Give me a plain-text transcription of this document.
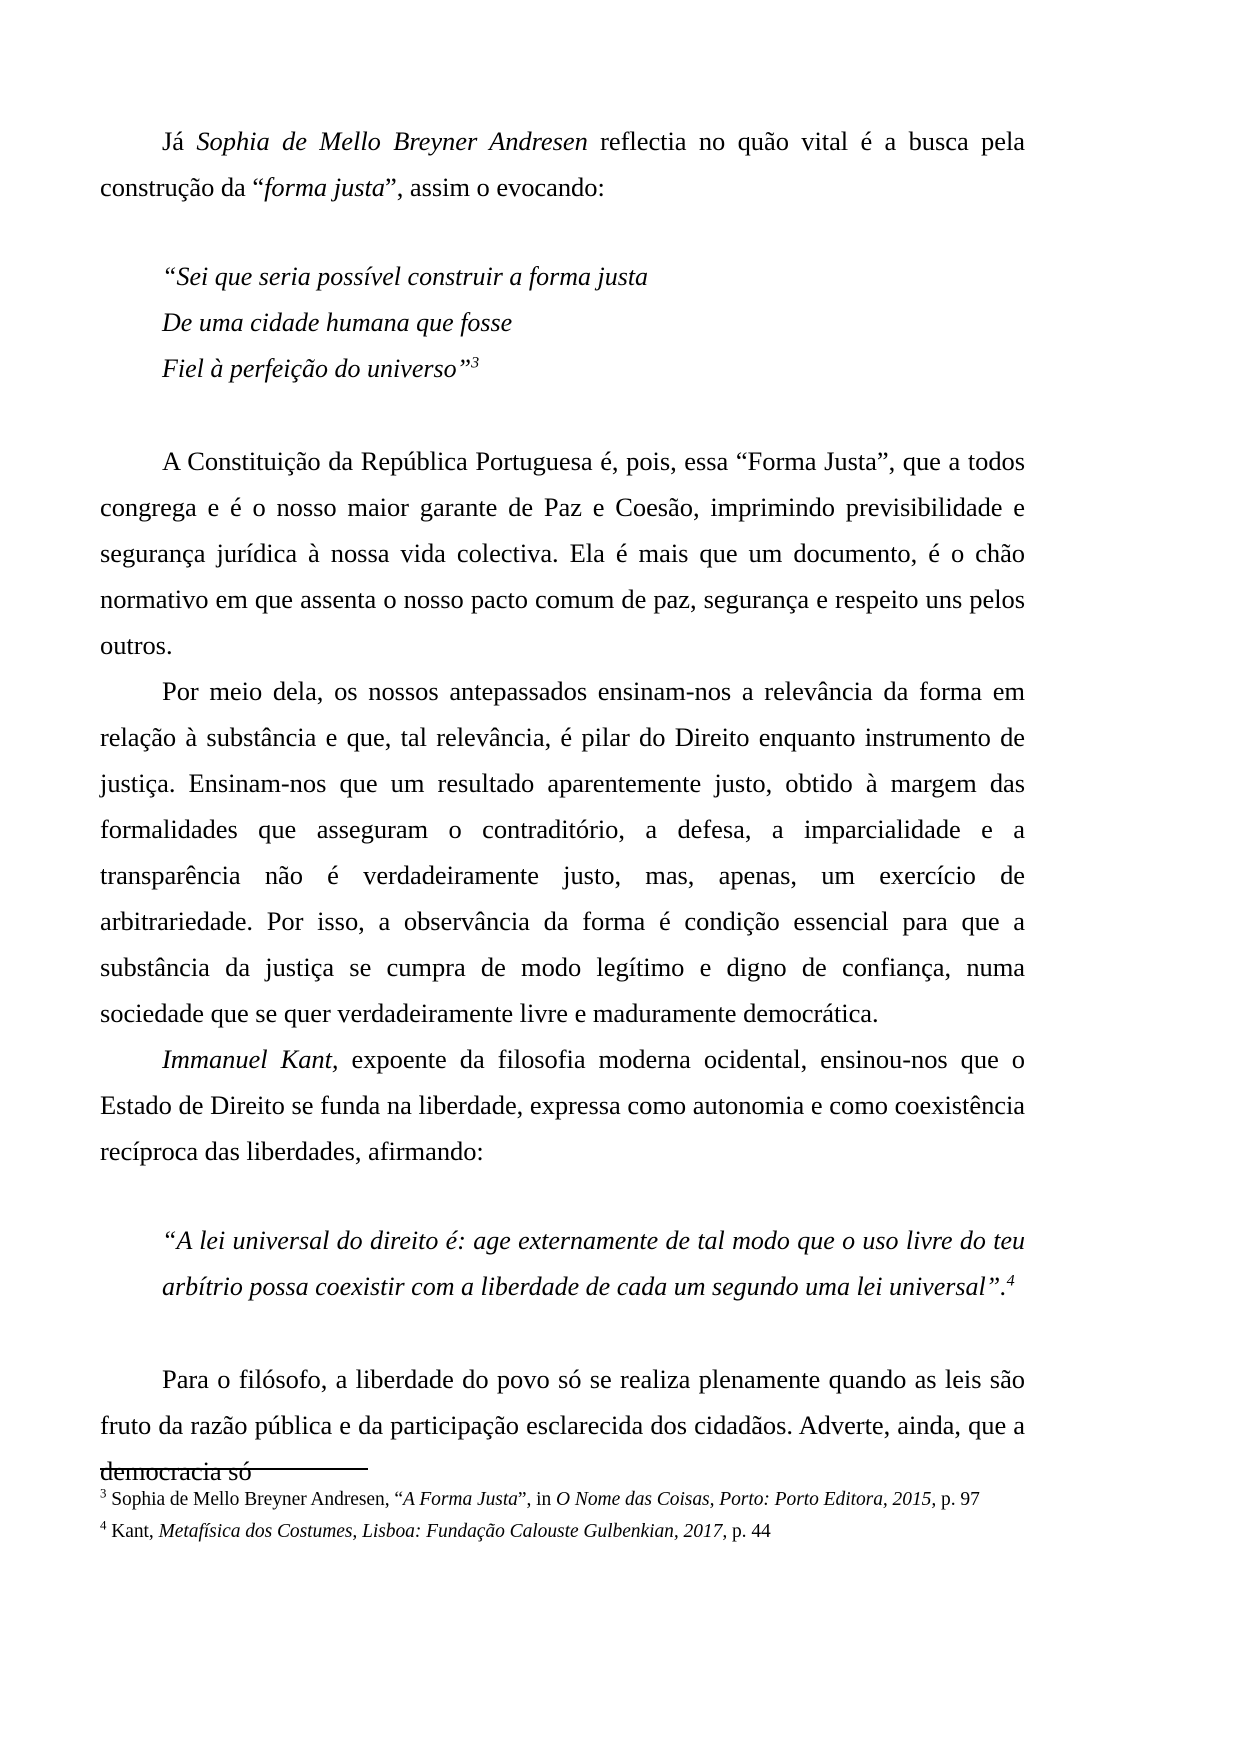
Já Sophia de Mello Breyner Andresen reflectia no quão vital é a busca pela construção da “forma justa”, assim o evocando:

“Sei que seria possível construir a forma justa
De uma cidade humana que fosse
Fiel à perfeição do universo”$^3$

A Constituição da República Portuguesa é, pois, essa “Forma Justa”, que a todos congrega e é o nosso maior garante de Paz e Coesão, imprimindo previsibilidade e segurança jurídica à nossa vida colectiva. Ela é mais que um documento, é o chão normativo em que assenta o nosso pacto comum de paz, segurança e respeito uns pelos outros.

Por meio dela, os nossos antepassados ensinam-nos a relevância da forma em relação à substância e que, tal relevância, é pilar do Direito enquanto instrumento de justiça. Ensinam-nos que um resultado aparentemente justo, obtido à margem das formalidades que asseguram o contraditório, a defesa, a imparcialidade e a transparência não é verdadeiramente justo, mas, apenas, um exercício de arbitrariedade. Por isso, a observância da forma é condição essencial para que a substância da justiça se cumpra de modo legítimo e digno de confiança, numa sociedade que se quer verdadeiramente livre e maduramente democrática.

Immanuel Kant, expoente da filosofia moderna ocidental, ensinou-nos que o Estado de Direito se funda na liberdade, expressa como autonomia e como coexistência recíproca das liberdades, afirmando:

“A lei universal do direito é: age externamente de tal modo que o uso livre do teu arbítrio possa coexistir com a liberdade de cada um segundo uma lei universal”.$^4$

Para o filósofo, a liberdade do povo só se realiza plenamente quando as leis são fruto da razão pública e da participação esclarecida dos cidadãos. Adverte, ainda, que a democracia só

$^3$ Sophia de Mello Breyner Andresen, “A Forma Justa”, in O Nome das Coisas, Porto: Porto Editora, 2015, p. 97

$^4$ Kant, Metafísica dos Costumes, Lisboa: Fundação Calouste Gulbenkian, 2017, p. 44
